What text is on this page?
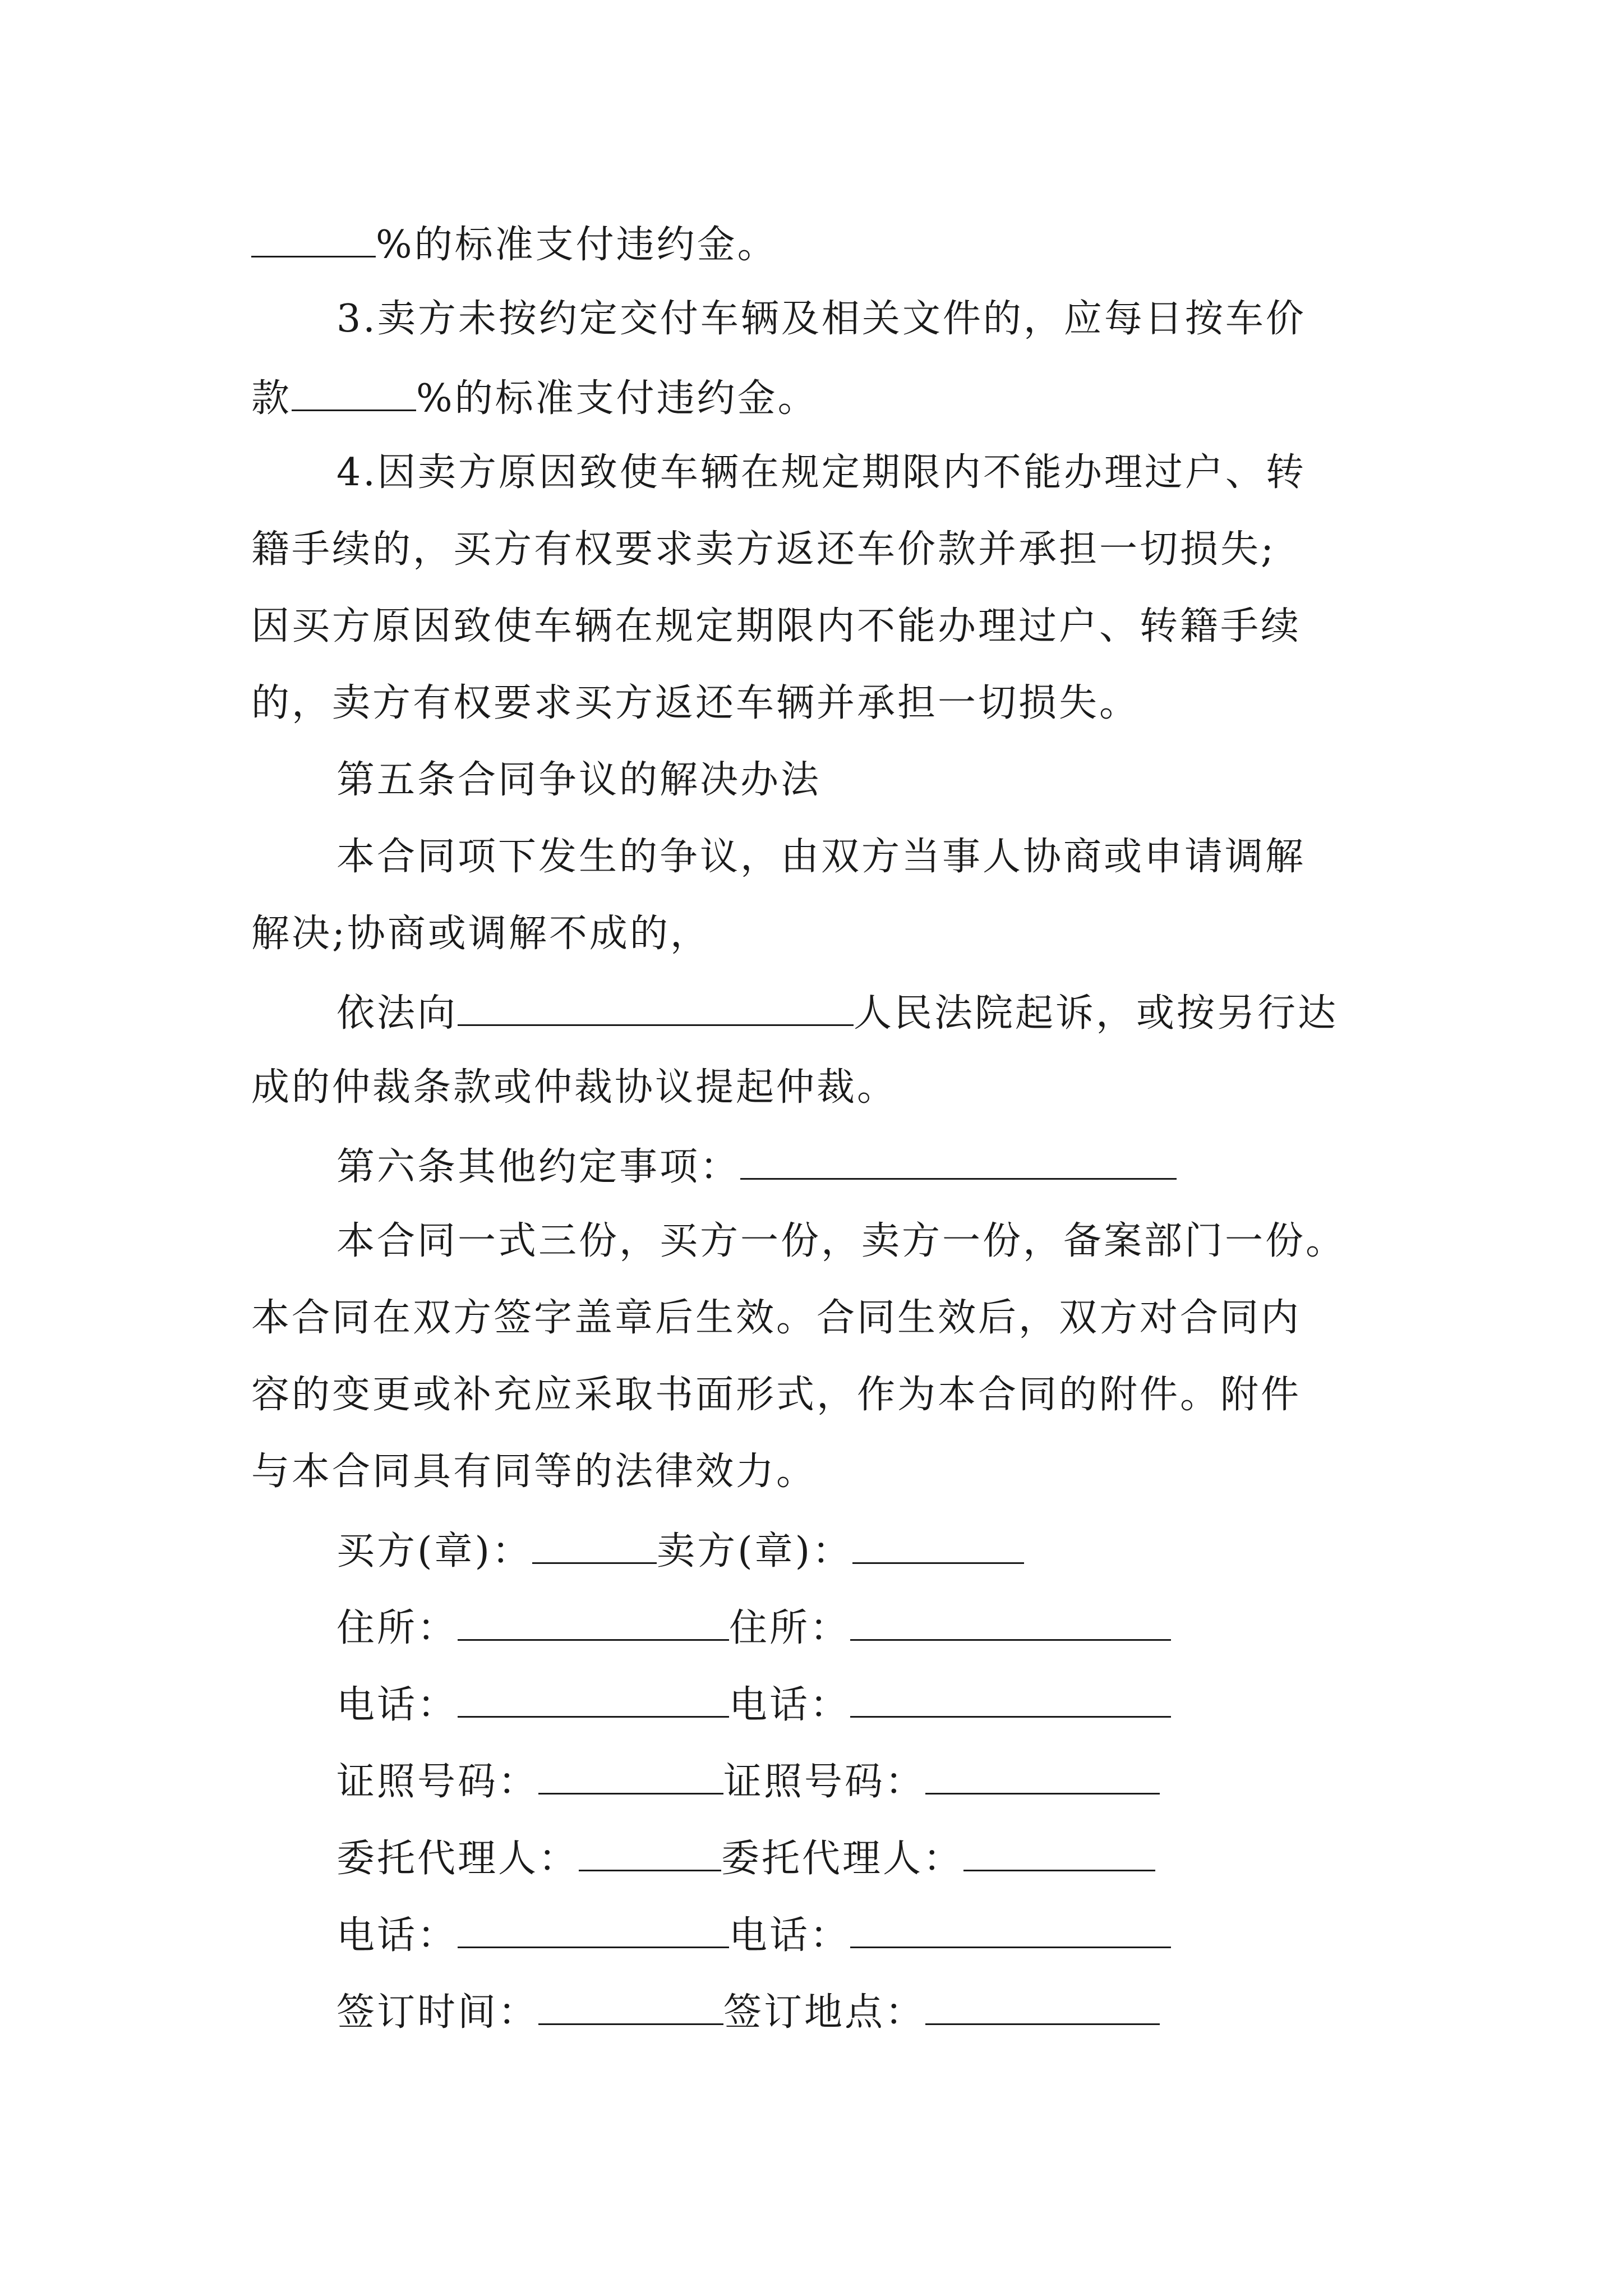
%的标准支付违约金。
3.卖方未按约定交付车辆及相关文件的，应每日按车价
款	%的标准支付违约金。
4.因卖方原因致使车辆在规定期限内不能办理过户、转
籍手续的，买方有权要求卖方返还车价款并承担一切损失;
因买方原因致使车辆在规定期限内不能办理过户、转籍手续
的，卖方有权要求买方返还车辆并承担一切损失。
第五条合同争议的解决办法
本合同项下发生的争议，由双方当事人协商或申请调解
解决;协商或调解不成的，
依法向	人民法院起诉，或按另行达
成的仲裁条款或仲裁协议提起仲裁。
第六条其他约定事项：
本合同一式三份，买方一份，卖方一份，备案部门一份。
本合同在双方签字盖章后生效。合同生效后，双方对合同内
容的变更或补充应采取书面形式，作为本合同的附件。附件
与本合同具有同等的法律效力。
买方(章)：	卖方(章)：
住所：	住所：
电话：	电话：
证照号码：	证照号码：
委托代理人：	委托代理人：
电话：	电话：
签订时间：	签订地点：
